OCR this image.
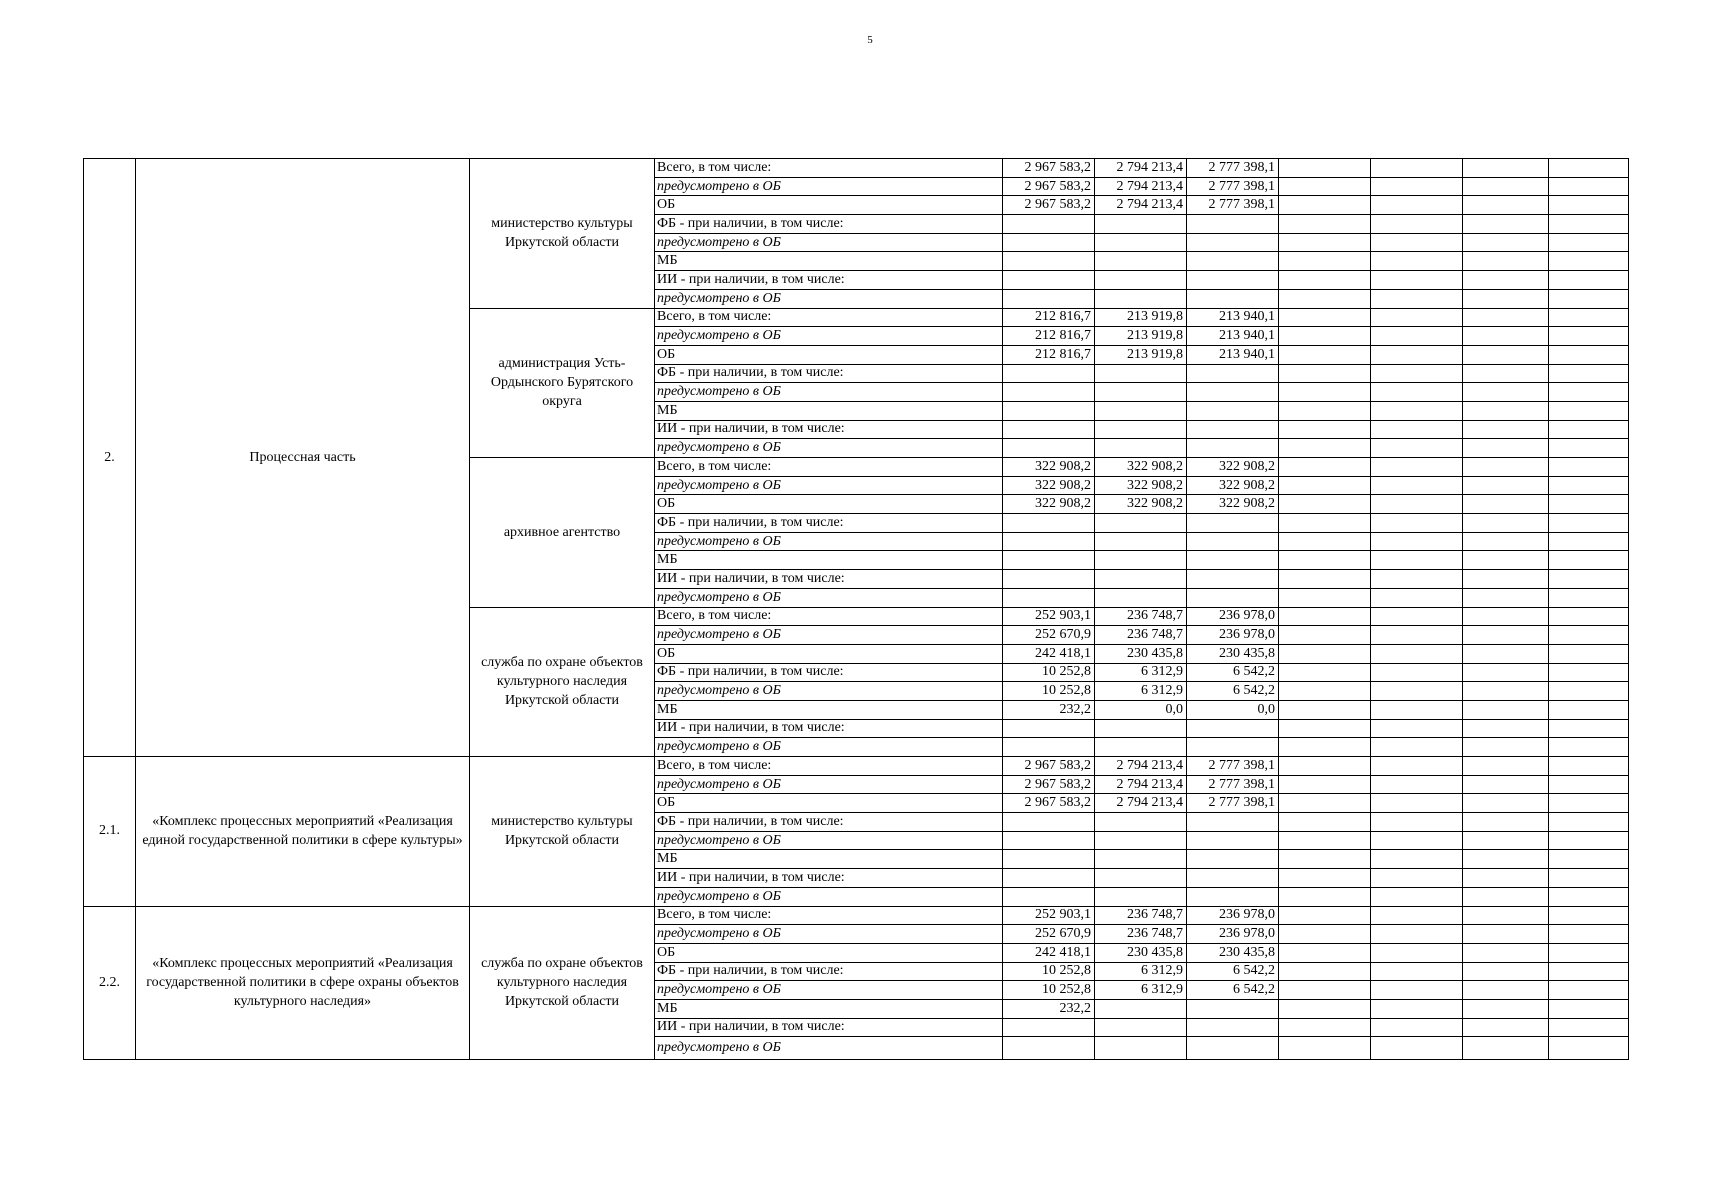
5
2.	Процессная часть	министерство культуры Иркутской области	Всего, в том числе:	2 967 583,2	2 794 213,4	2 777 398,1				
			предусмотрено в ОБ	2 967 583,2	2 794 213,4	2 777 398,1				
			ОБ	2 967 583,2	2 794 213,4	2 777 398,1				
			ФБ - при наличии, в том числе:							
			предусмотрено в ОБ							
			МБ							
			ИИ - при наличии, в том числе:							
			предусмотрено в ОБ							
		администрация Усть-Ордынского Бурятского округа	Всего, в том числе:	212 816,7	213 919,8	213 940,1				
			предусмотрено в ОБ	212 816,7	213 919,8	213 940,1				
			ОБ	212 816,7	213 919,8	213 940,1				
			ФБ - при наличии, в том числе:							
			предусмотрено в ОБ							
			МБ							
			ИИ - при наличии, в том числе:							
			предусмотрено в ОБ							
		архивное агентство	Всего, в том числе:	322 908,2	322 908,2	322 908,2				
			предусмотрено в ОБ	322 908,2	322 908,2	322 908,2				
			ОБ	322 908,2	322 908,2	322 908,2				
			ФБ - при наличии, в том числе:							
			предусмотрено в ОБ							
			МБ							
			ИИ - при наличии, в том числе:							
			предусмотрено в ОБ							
		служба по охране объектов культурного наследия Иркутской области	Всего, в том числе:	252 903,1	236 748,7	236 978,0				
			предусмотрено в ОБ	252 670,9	236 748,7	236 978,0				
			ОБ	242 418,1	230 435,8	230 435,8				
			ФБ - при наличии, в том числе:	10 252,8	6 312,9	6 542,2				
			предусмотрено в ОБ	10 252,8	6 312,9	6 542,2				
			МБ	232,2	0,0	0,0				
			ИИ - при наличии, в том числе:							
			предусмотрено в ОБ							
2.1.	«Комплекс процессных мероприятий «Реализация единой государственной политики в сфере культуры»	министерство культуры Иркутской области	Всего, в том числе:	2 967 583,2	2 794 213,4	2 777 398,1				
			предусмотрено в ОБ	2 967 583,2	2 794 213,4	2 777 398,1				
			ОБ	2 967 583,2	2 794 213,4	2 777 398,1				
			ФБ - при наличии, в том числе:							
			предусмотрено в ОБ							
			МБ							
			ИИ - при наличии, в том числе:							
			предусмотрено в ОБ							
2.2.	«Комплекс процессных мероприятий «Реализация государственной политики в сфере охраны объектов культурного наследия»	служба по охране объектов культурного наследия Иркутской области	Всего, в том числе:	252 903,1	236 748,7	236 978,0				
			предусмотрено в ОБ	252 670,9	236 748,7	236 978,0				
			ОБ	242 418,1	230 435,8	230 435,8				
			ФБ - при наличии, в том числе:	10 252,8	6 312,9	6 542,2				
			предусмотрено в ОБ	10 252,8	6 312,9	6 542,2				
			МБ	232,2						
			ИИ - при наличии, в том числе:							
			предусмотрено в ОБ							
